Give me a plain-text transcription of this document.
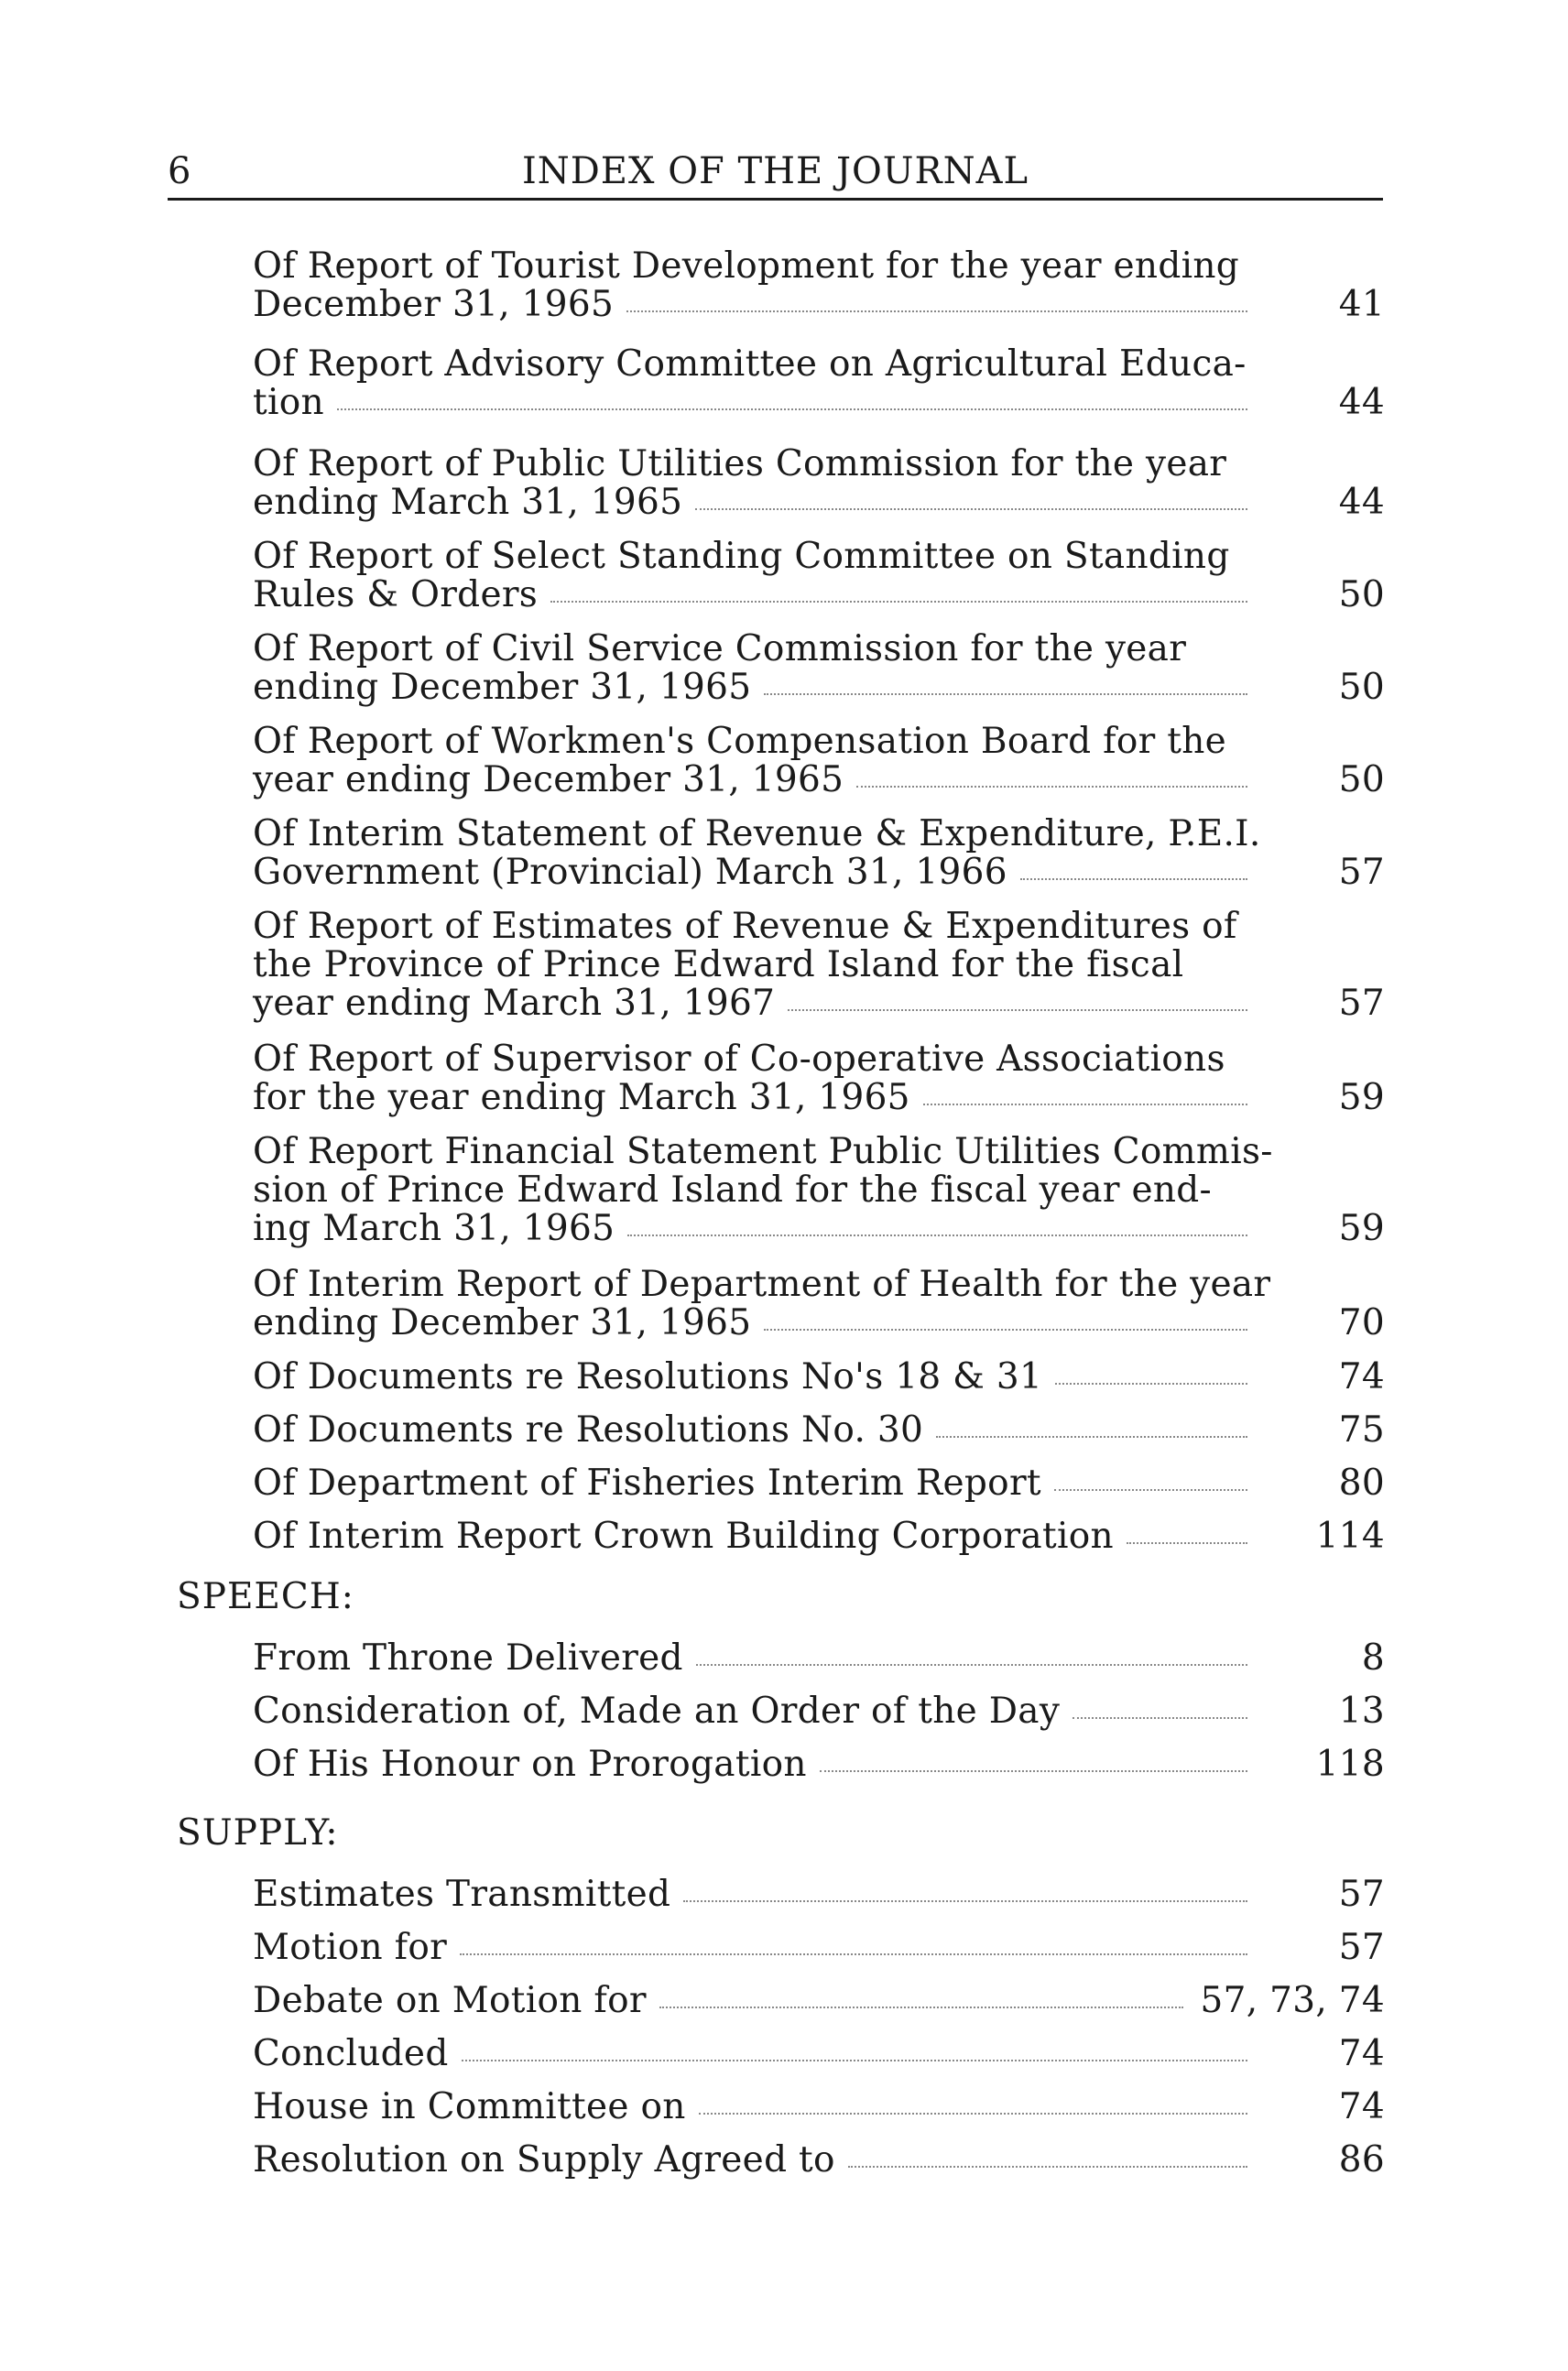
6	INDEX OF THE JOURNAL
Of Report of Tourist Development for the year ending
December 31, 1965	41
Of Report Advisory Committee on Agricultural Educa-
tion	44
Of Report of Public Utilities Commission for the year
ending March 31, 1965	44
Of Report of Select Standing Committee on Standing
Rules & Orders	50
Of Report of Civil Service Commission for the year
ending December 31, 1965	50
Of Report of Workmen's Compensation Board for the
year ending December 31, 1965	50
Of Interim Statement of Revenue & Expenditure, P.E.I.
Government (Provincial) March 31, 1966	57
Of Report of Estimates of Revenue & Expenditures of
the Province of Prince Edward Island for the fiscal
year ending March 31, 1967	57
Of Report of Supervisor of Co-operative Associations
for the year ending March 31, 1965	59
Of Report Financial Statement Public Utilities Commis-
sion of Prince Edward Island for the fiscal year end-
ing March 31, 1965	59
Of Interim Report of Department of Health for the year
ending December 31, 1965	70
Of Documents re Resolutions No's 18 & 31	74
Of Documents re Resolutions No. 30	75
Of Department of Fisheries Interim Report	80
Of Interim Report Crown Building Corporation	114
SPEECH:
From Throne Delivered	8
Consideration of, Made an Order of the Day	13
Of His Honour on Prorogation	118
SUPPLY:
Estimates Transmitted	57
Motion for	57
Debate on Motion for	57, 73, 74
Concluded	74
House in Committee on	74
Resolution on Supply Agreed to	86
